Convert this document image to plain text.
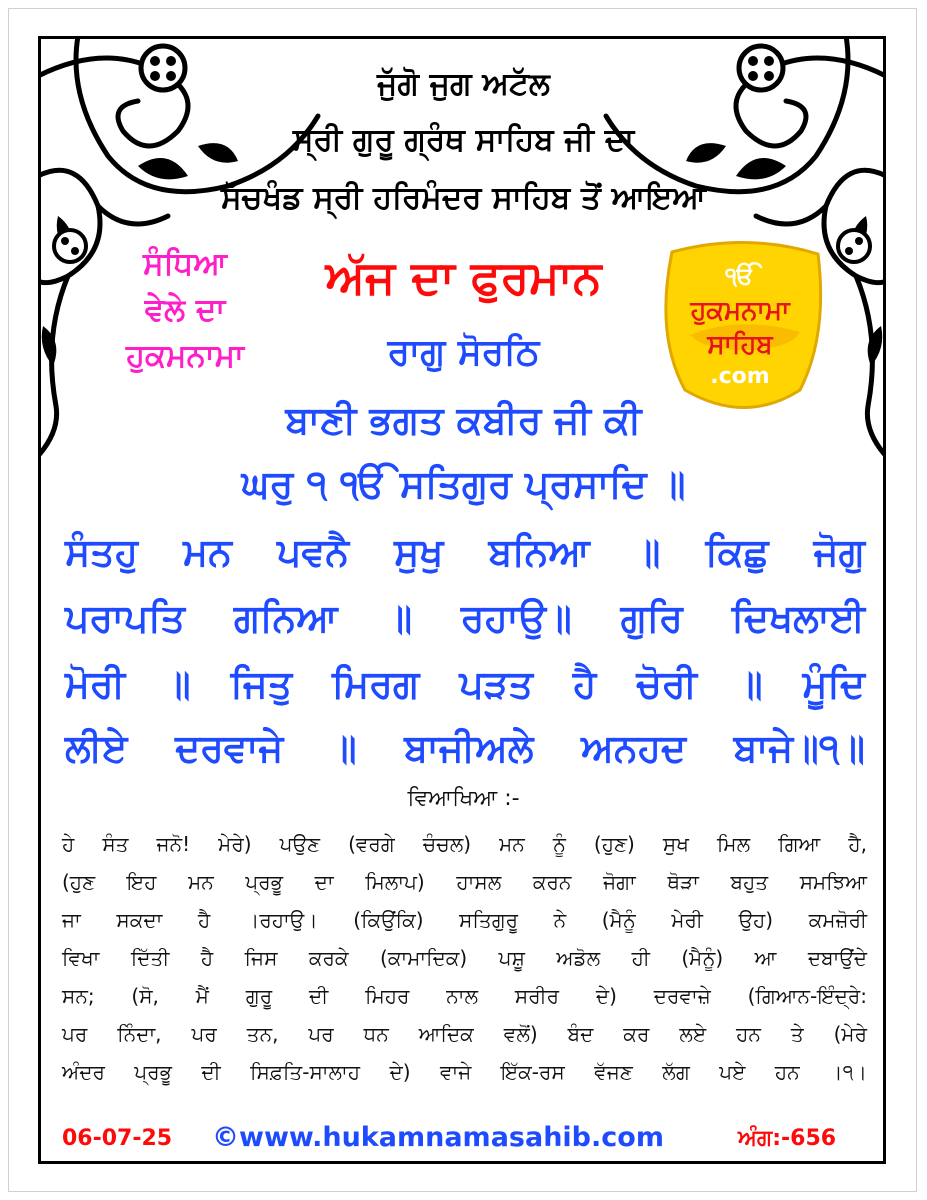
ਜੁੱਗੋ ਜੁਗ ਅਟੱਲ
ਸ੍ਰੀ ਗੁਰੂ ਗ੍ਰੰਥ ਸਾਹਿਬ ਜੀ ਦਾ
ਸੱਚਖੰਡ ਸ੍ਰੀ ਹਰਿਮੰਦਰ ਸਾਹਿਬ ਤੋਂ ਆਇਆ
ਸੰਧਿਆ
ਵੇਲੇ ਦਾ
ਹੁਕਮਨਾਮਾ
ਅੱਜ ਦਾ ਫੁਰਮਾਨ	ੴ
ਹੁਕਮਨਾਮਾ
ਸਾਹਿਬ
.com
ਰਾਗੁ ਸੋਰਠਿ
ਬਾਣੀ ਭਗਤ ਕਬੀਰ ਜੀ ਕੀ
ਘਰੁ ੧ ੴ ਸਤਿਗੁਰ ਪ੍ਰਸਾਦਿ ॥
ਸੰਤਹੁ ਮਨ ਪਵਨੈ ਸੁਖੁ ਬਨਿਆ ॥ ਕਿਛੁ ਜੋਗੁ
ਪਰਾਪਤਿ ਗਨਿਆ ॥ ਰਹਾਉ॥ ਗੁਰਿ ਦਿਖਲਾਈ
ਮੋਰੀ ॥ ਜਿਤੁ ਮਿਰਗ ਪੜਤ ਹੈ ਚੋਰੀ ॥ ਮੂੰਦਿ
ਲੀਏ ਦਰਵਾਜੇ ॥ ਬਾਜੀਅਲੇ ਅਨਹਦ ਬਾਜੇ॥੧॥
ਵਿਆਖਿਆ :-
ਹੇ ਸੰਤ ਜਨੋ! ਮੇਰੇ) ਪਉਣ (ਵਰਗੇ ਚੰਚਲ) ਮਨ ਨੂੰ (ਹੁਣ) ਸੁਖ ਮਿਲ ਗਿਆ ਹੈ,
(ਹੁਣ ਇਹ ਮਨ ਪ੍ਰਭੂ ਦਾ ਮਿਲਾਪ) ਹਾਸਲ ਕਰਨ ਜੋਗਾ ਥੋੜਾ ਬਹੁਤ ਸਮਝਿਆ
ਜਾ ਸਕਦਾ ਹੈ ।ਰਹਾਉ। (ਕਿਉਂਕਿ) ਸਤਿਗੁਰੂ ਨੇ (ਮੈਨੂੰ ਮੇਰੀ ਉਹ) ਕਮਜ਼ੋਰੀ
ਵਿਖਾ ਦਿੱਤੀ ਹੈ ਜਿਸ ਕਰਕੇ (ਕਾਮਾਦਿਕ) ਪਸ਼ੂ ਅਡੋਲ ਹੀ (ਮੈਨੂੰ) ਆ ਦਬਾਉਂਦੇ
ਸਨ; (ਸੋ, ਮੈਂ ਗੁਰੂ ਦੀ ਮਿਹਰ ਨਾਲ ਸਰੀਰ ਦੇ) ਦਰਵਾਜ਼ੇ (ਗਿਆਨ-ਇੰਦ੍ਰੇ:
ਪਰ ਨਿੰਦਾ, ਪਰ ਤਨ, ਪਰ ਧਨ ਆਦਿਕ ਵਲੋਂ) ਬੰਦ ਕਰ ਲਏ ਹਨ ਤੇ (ਮੇਰੇ
ਅੰਦਰ ਪ੍ਰਭੂ ਦੀ ਸਿਫ਼ਤਿ-ਸਾਲਾਹ ਦੇ) ਵਾਜੇ ਇੱਕ-ਰਸ ਵੱਜਣ ਲੱਗ ਪਏ ਹਨ ।੧।
06-07-25 ©www.hukamnamasahib.com	ਅੰਗ:-656
